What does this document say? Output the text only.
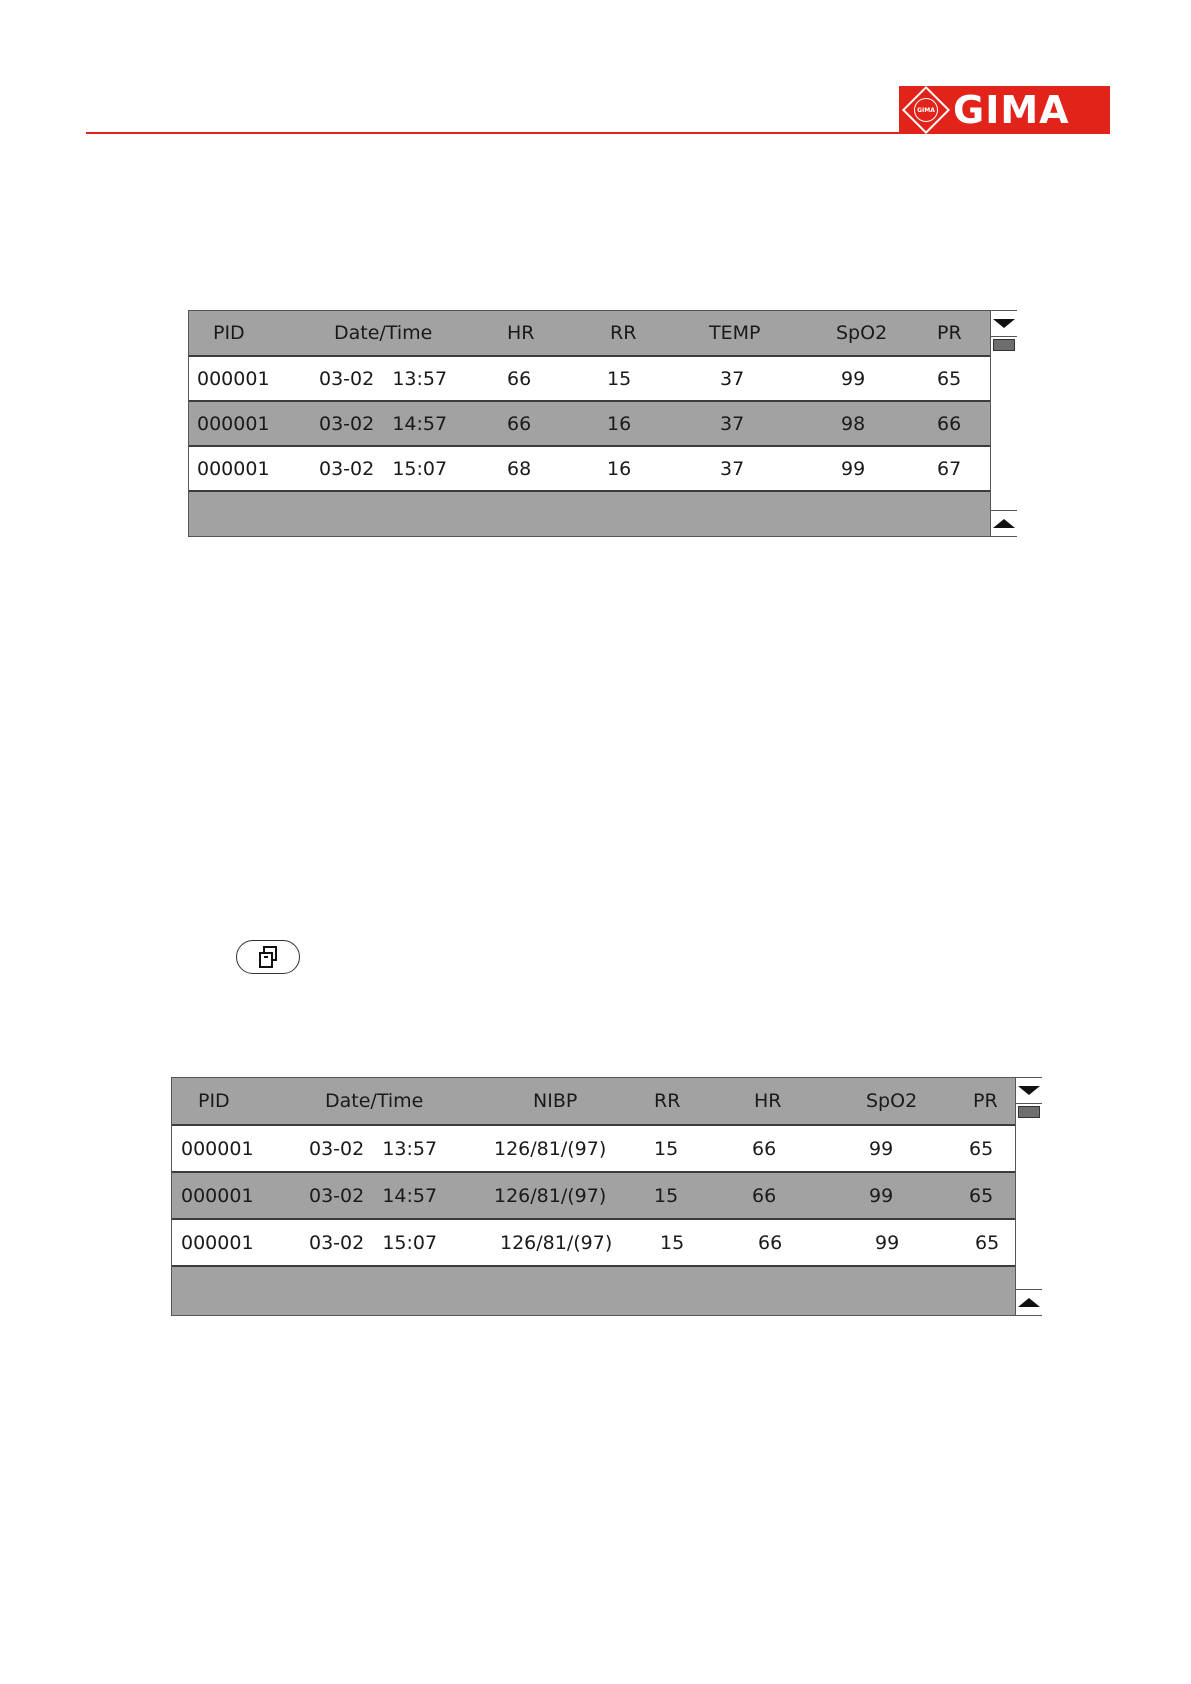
GIMA GIMA
PID	Date/Time	HR	RR	TEMP	SpO2	PR
000001	03-02   13:57	66	15	37	99	65
000001	03-02   14:57	66	16	37	98	66
000001	03-02   15:07	68	16	37	99	67
PID	Date/Time	NIBP	RR	HR	SpO2	PR
000001	03-02   13:57	126/81/(97)	15	66	99	65
000001	03-02   14:57	126/81/(97)	15	66	99	65
000001	03-02   15:07	126/81/(97)	15	66	99	65
